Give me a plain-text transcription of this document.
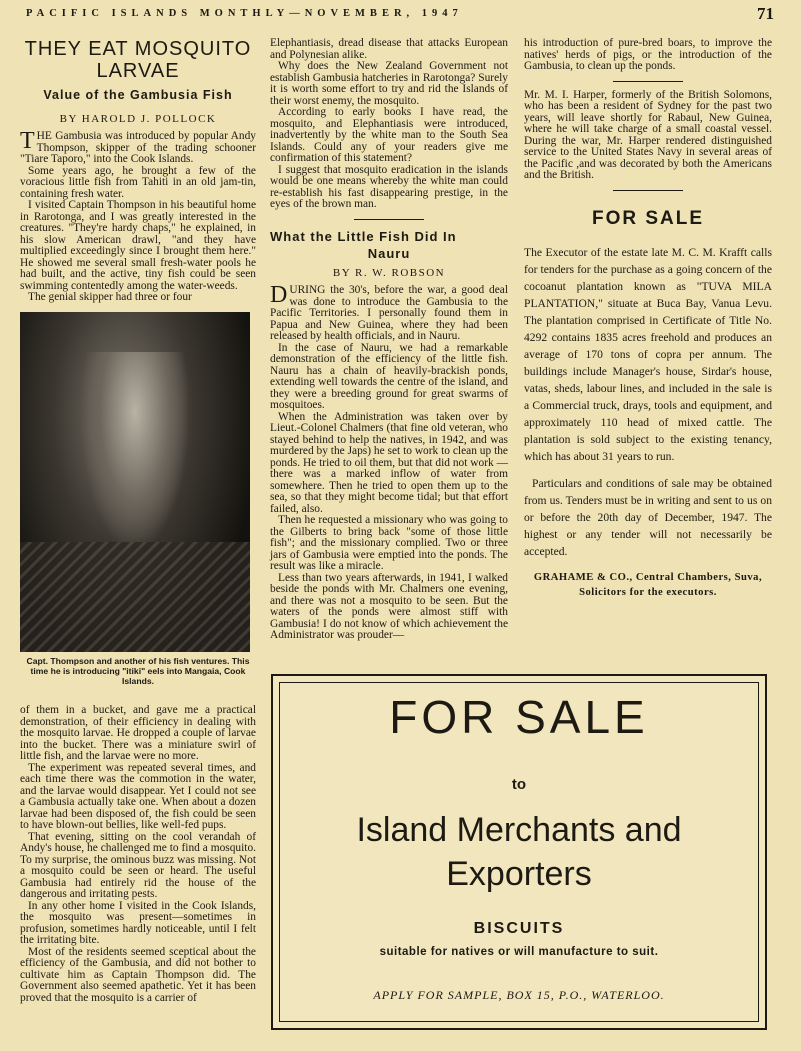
PACIFIC ISLANDS MONTHLY—NOVEMBER, 1947	71
THEY EAT MOSQUITO LARVAE
Value of the Gambusia Fish
BY HAROLD J. POLLOCK

THE Gambusia was introduced by popular Andy Thompson, skipper of the trading schooner "Tiare Taporo," into the Cook Islands.

Some years ago, he brought a few of the voracious little fish from Tahiti in an old jam-tin, containing fresh water.

I visited Captain Thompson in his beautiful home in Rarotonga, and I was greatly interested in the creatures. "They're hardy chaps," he explained, in his slow American drawl, "and they have multiplied exceedingly since I brought them here." He showed me several small fresh-water pools he had built, and the active, tiny fish could be seen swimming contentedly among the water-weeds.

The genial skipper had three or four

Capt. Thompson and another of his fish ventures. This time he is introducing "itiki" eels into Mangaia, Cook Islands.

of them in a bucket, and gave me a practical demonstration, of their efficiency in dealing with the mosquito larvae. He dropped a couple of larvae into the bucket. There was a miniature swirl of little fish, and the larvae were no more.

The experiment was repeated several times, and each time there was the commotion in the water, and the larvae would disappear. Yet I could not see a Gambusia actually take one. When about a dozen larvae had been disposed of, the fish could be seen to have blown-out bellies, like well-fed pups.

That evening, sitting on the cool verandah of Andy's house, he challenged me to find a mosquito. To my surprise, the ominous buzz was missing. Not a mosquito could be seen or heard. The useful Gambusia had entirely rid the house of the dangerous and irritating pests.

In any other home I visited in the Cook Islands, the mosquito was present—sometimes in profusion, sometimes hardly noticeable, until I felt the irritating bite.

Most of the residents seemed sceptical about the efficiency of the Gambusia, and did not bother to cultivate him as Captain Thompson did. The Government also seemed apathetic. Yet it has been proved that the mosquito is a carrier of

Elephantiasis, dread disease that attacks European and Polynesian alike.

Why does the New Zealand Government not establish Gambusia hatcheries in Rarotonga? Surely it is worth some effort to try and rid the Islands of their worst enemy, the mosquito.

According to early books I have read, the mosquito, and Elephantiasis were introduced, inadvertently by the white man to the South Sea Islands. Could any of your readers give me confirmation of this statement?

I suggest that mosquito eradication in the islands would be one means whereby the white man could re-establish his fast disappearing prestige, in the eyes of the brown man.

What the Little Fish Did In
Nauru
BY R. W. ROBSON

DURING the 30's, before the war, a good deal was done to introduce the Gambusia to the Pacific Territories. I personally found them in Papua and New Guinea, where they had been released by health officials, and in Nauru.

In the case of Nauru, we had a remarkable demonstration of the efficiency of the little fish. Nauru has a chain of heavily-brackish ponds, extending well towards the centre of the island, and they were a breeding ground for great swarms of mosquitoes.

When the Administration was taken over by Lieut.-Colonel Chalmers (that fine old veteran, who stayed behind to help the natives, in 1942, and was murdered by the Japs) he set to work to clean up the ponds. He tried to oil them, but that did not work — there was a marked inflow of water from somewhere. Then he tried to open them up to the sea, so that they might become tidal; but that effort failed, also.

Then he requested a missionary who was going to the Gilberts to bring back "some of those little fish"; and the missionary complied. Two or three jars of Gambusia were emptied into the ponds. The result was like a miracle.

Less than two years afterwards, in 1941, I walked beside the ponds with Mr. Chalmers one evening, and there was not a mosquito to be seen. But the waters of the ponds were almost stiff with Gambusia! I do not know of which achievement the Administrator was prouder—

his introduction of pure-bred boars, to improve the natives' herds of pigs, or the introduction of the Gambusia, to clean up the ponds.

Mr. M. I. Harper, formerly of the British Solomons, who has been a resident of Sydney for the past two years, will leave shortly for Rabaul, New Guinea, where he will take charge of a small coastal vessel. During the war, Mr. Harper rendered distinguished service to the United States Navy in several areas of the Pacific ,and was decorated by both the Americans and the British.

FOR SALE

The Executor of the estate late M. C. M. Krafft calls for tenders for the purchase as a going concern of the cocoanut plantation known as "TUVA MILA PLANTATION," situate at Buca Bay, Vanua Levu. The plantation comprised in Certificate of Title No. 4292 contains 1835 acres freehold and produces an average of 170 tons of copra per annum. The buildings include Manager's house, Sirdar's house, vatas, sheds, labour lines, and included in the sale is a Commercial truck, drays, tools and equipment, and approximately 110 head of mixed cattle. The plantation is sold subject to the existing tenancy, which has about 31 years to run.

Particulars and conditions of sale may be obtained from us. Tenders must be in writing and sent to us on or before the 20th day of December, 1947. The highest or any tender will not necessarily be accepted.

GRAHAME & CO., Central Chambers, Suva, Solicitors for the executors.
FOR SALE
to
Island Merchants and
Exporters
BISCUITS
suitable for natives or will manufacture to suit.
APPLY FOR SAMPLE, BOX 15, P.O., WATERLOO.
